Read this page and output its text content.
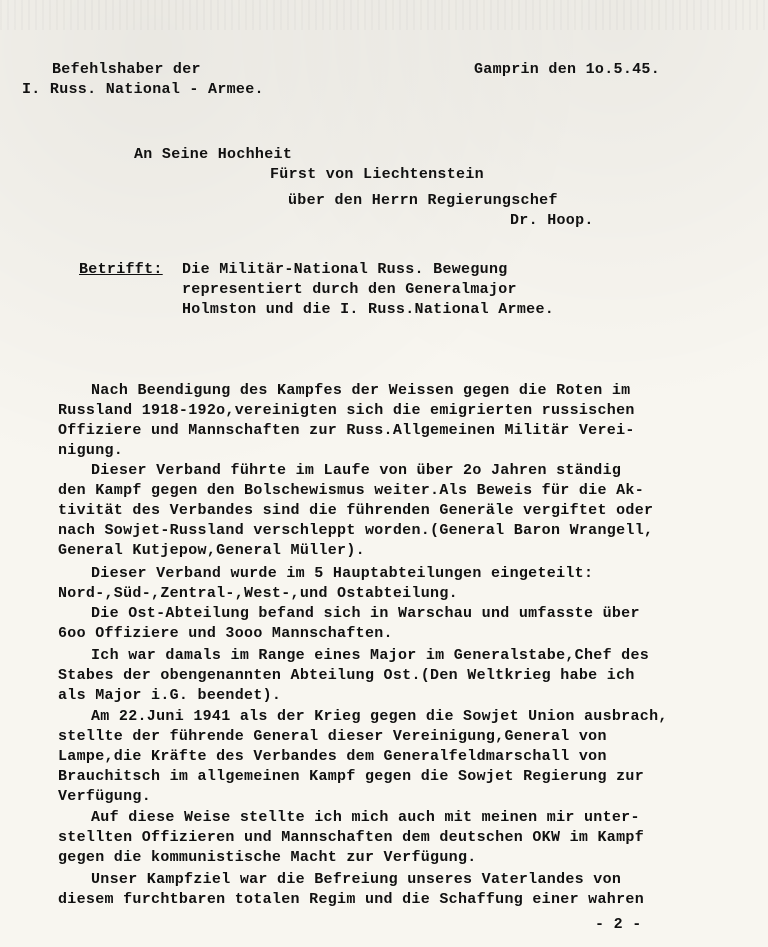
Befehlshaber der
I. Russ. National - Armee.
Gamprin den 1o.5.45.
An Seine Hochheit
Fürst von Liechtenstein
über den Herrn Regierungschef
Dr. Hoop.
Betrifft: Die Militär-National Russ. Bewegung
representiert durch den Generalmajor
Holmston und die I. Russ.National Armee.
Nach Beendigung des Kampfes der Weissen gegen die Roten im
Russland 1918-192o,vereinigten sich die emigrierten russischen
Offiziere und Mannschaften zur Russ.Allgemeinen Militär Verei-
nigung.
Dieser Verband führte im Laufe von über 2o Jahren ständig
den Kampf gegen den Bolschewismus weiter.Als Beweis für die Ak-
tivität des Verbandes sind die führenden Generäle vergiftet oder
nach Sowjet-Russland verschleppt worden.(General Baron Wrangell,
General Kutjepow,General Müller).
Dieser Verband wurde im 5 Hauptabteilungen eingeteilt:
Nord-,Süd-,Zentral-,West-,und Ostabteilung.
Die Ost-Abteilung befand sich in Warschau und umfasste über
6oo Offiziere und 3ooo Mannschaften.
Ich war damals im Range eines Major im Generalstabe,Chef des
Stabes der obengenannten Abteilung Ost.(Den Weltkrieg habe ich
als Major i.G. beendet).
Am 22.Juni 1941 als der Krieg gegen die Sowjet Union ausbrach,
stellte der führende General dieser Vereinigung,General von
Lampe,die Kräfte des Verbandes dem Generalfeldmarschall von
Brauchitsch im allgemeinen Kampf gegen die Sowjet Regierung zur
Verfügung.
Auf diese Weise stellte ich mich auch mit meinen mir unter-
stellten Offizieren und Mannschaften dem deutschen OKW im Kampf
gegen die kommunistische Macht zur Verfügung.
Unser Kampfziel war die Befreiung unseres Vaterlandes von
diesem furchtbaren totalen Regim und die Schaffung einer wahren
- 2 -
